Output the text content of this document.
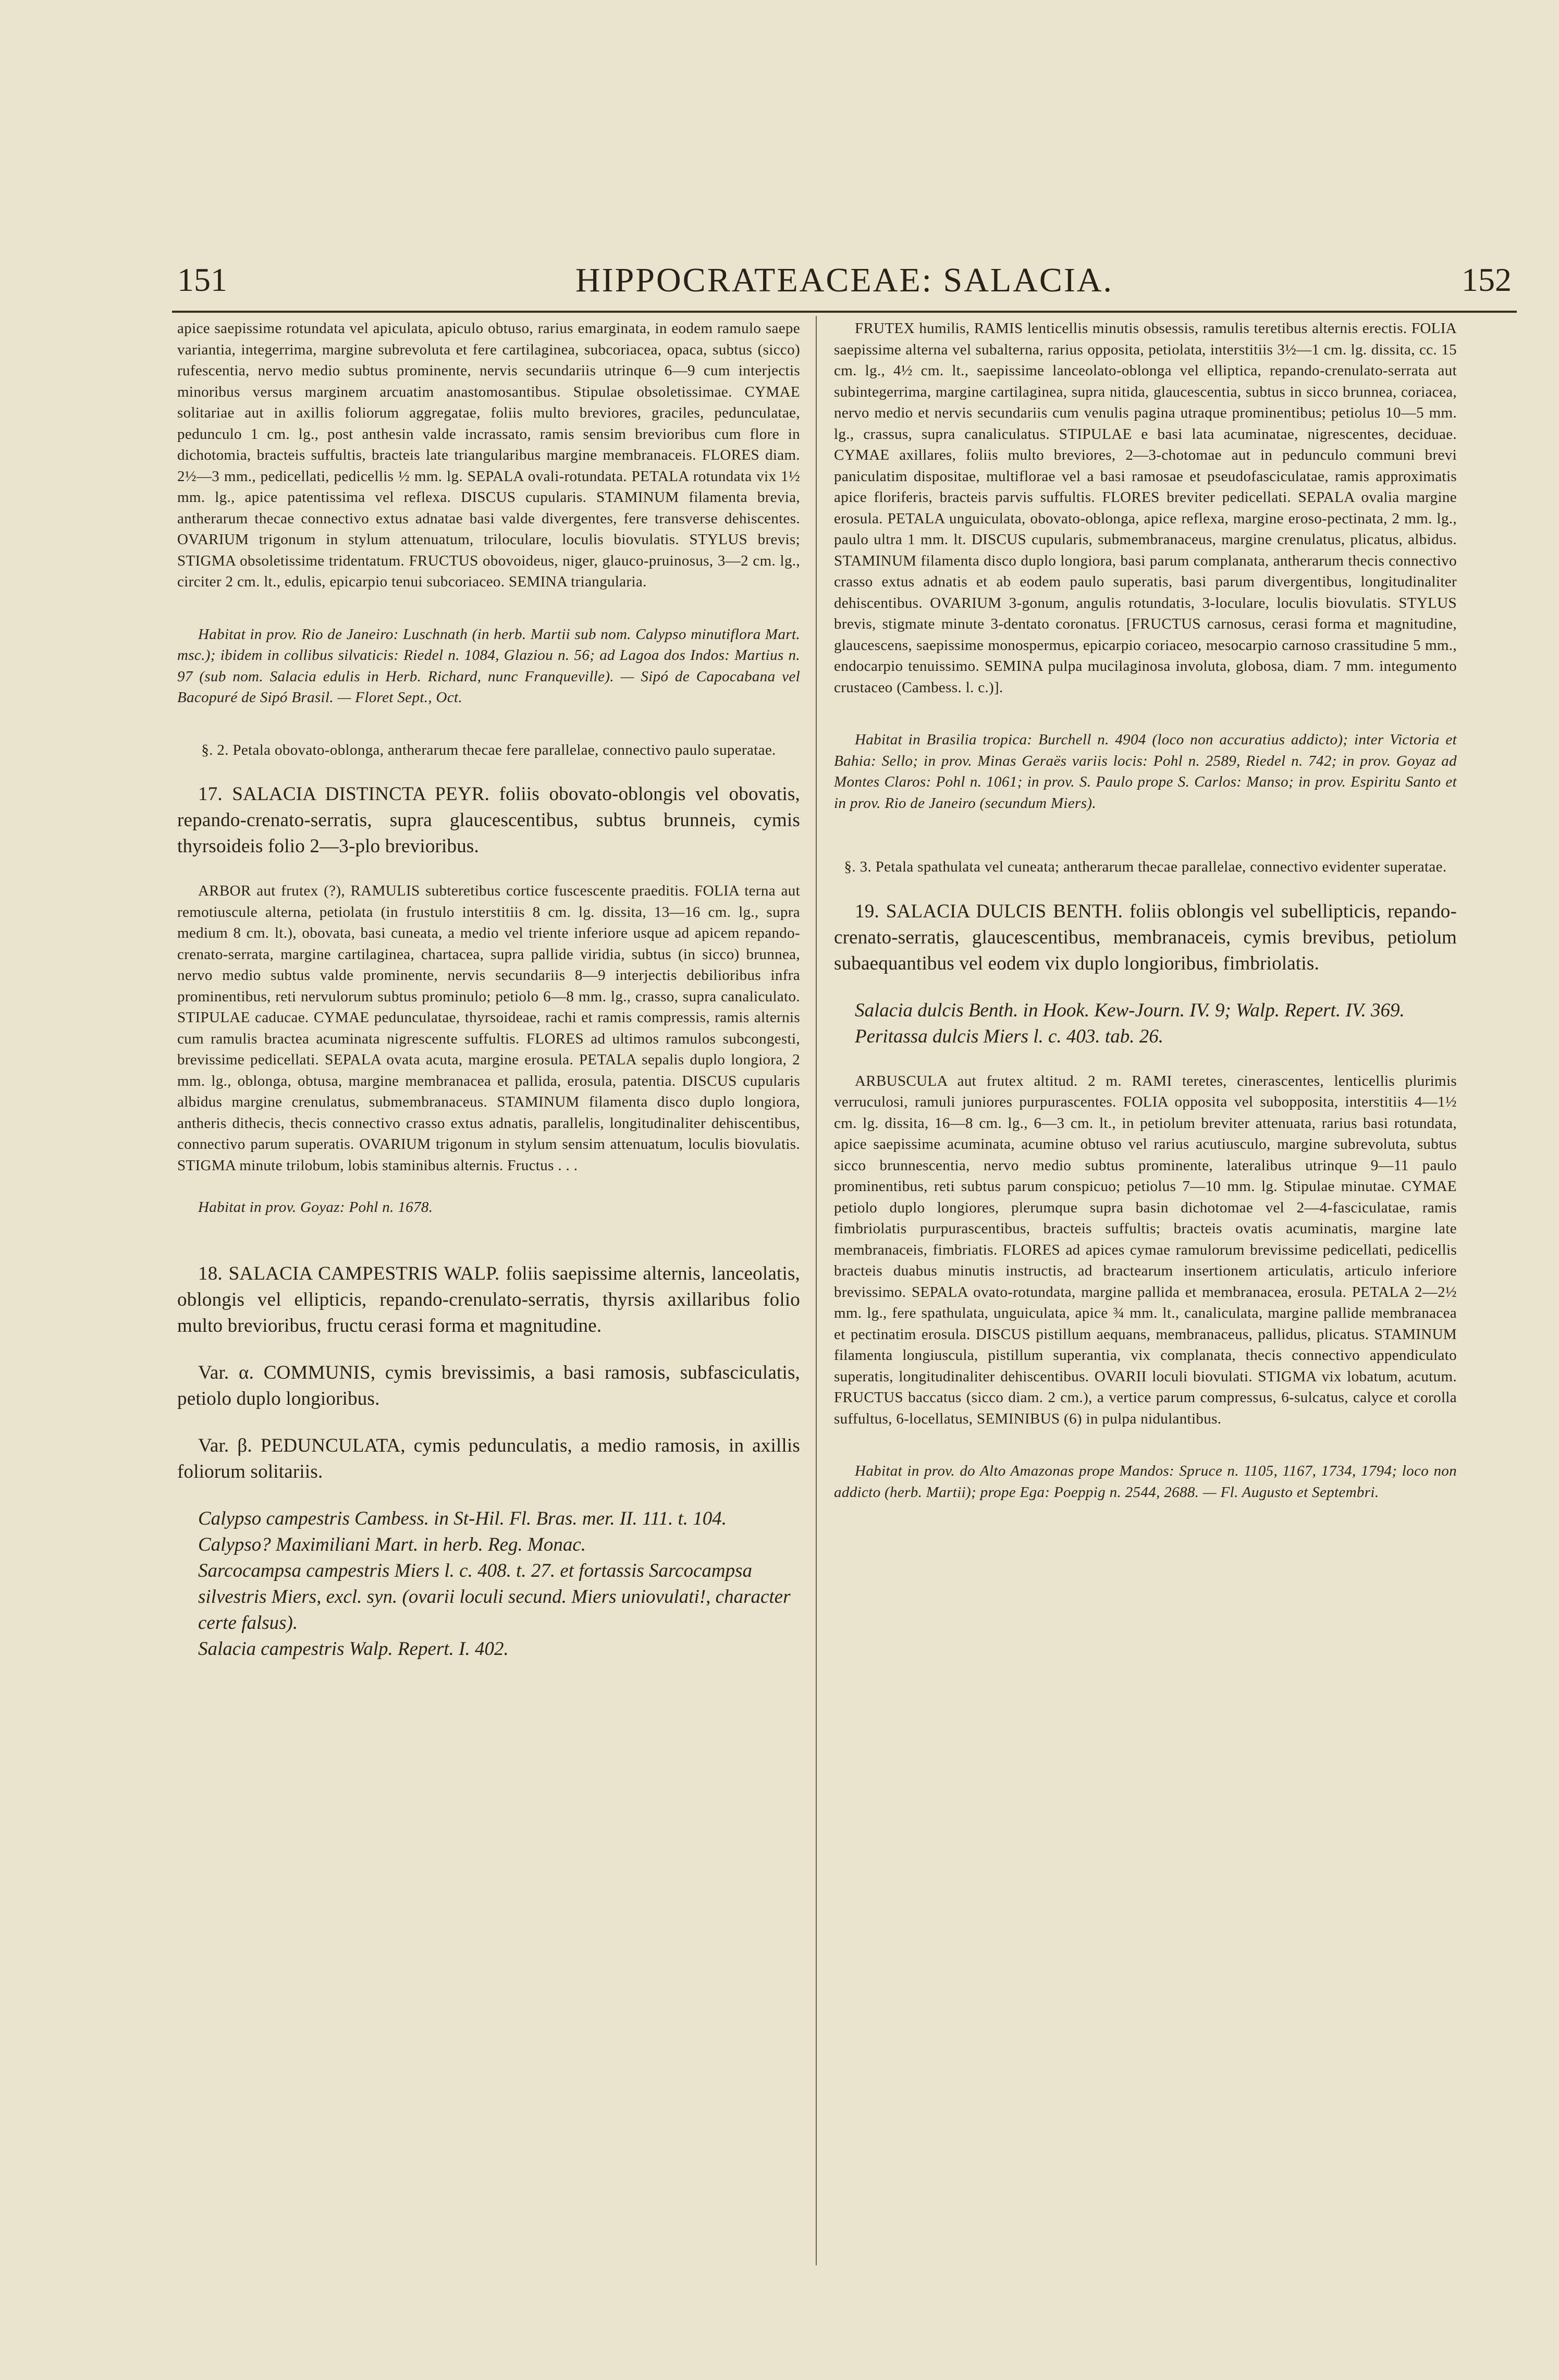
151	HIPPOCRATEACEAE: SALACIA.	152

apice saepissime rotundata vel apiculata, apiculo obtuso, rarius emarginata, in eodem ramulo saepe variantia, integerrima, margine subrevoluta et fere cartilaginea, subcoriacea, opaca, subtus (sicco) rufescentia, nervo medio subtus prominente, nervis secundariis utrinque 6—9 cum interjectis minoribus versus marginem arcuatim anastomosantibus. Stipulae obsoletissimae. CYMAE solitariae aut in axillis foliorum aggregatae, foliis multo breviores, graciles, pedunculatae, pedunculo 1 cm. lg., post anthesin valde incrassato, ramis sensim brevioribus cum flore in dichotomia, bracteis suffultis, bracteis late triangularibus margine membranaceis. FLORES diam. 2½—3 mm., pedicellati, pedicellis ½ mm. lg. SEPALA ovali-rotundata. PETALA rotundata vix 1½ mm. lg., apice patentissima vel reflexa. DISCUS cupularis. STAMINUM filamenta brevia, antherarum thecae connectivo extus adnatae basi valde divergentes, fere transverse dehiscentes. OVARIUM trigonum in stylum attenuatum, triloculare, loculis biovulatis. STYLUS brevis; STIGMA obsoletissime tridentatum. FRUCTUS obovoideus, niger, glauco-pruinosus, 3—2 cm. lg., circiter 2 cm. lt., edulis, epicarpio tenui subcoriaceo. SEMINA triangularia.

Habitat in prov. Rio de Janeiro: Luschnath (in herb. Martii sub nom. Calypso minutiflora Mart. msc.); ibidem in collibus silvaticis: Riedel n. 1084, Glaziou n. 56; ad Lagoa dos Indos: Martius n. 97 (sub nom. Salacia edulis in Herb. Richard, nunc Franqueville). — Sipó de Capocabana vel Bacopuré de Sipó Brasil. — Floret Sept., Oct.

§. 2. Petala obovato-oblonga, antherarum thecae fere parallelae, connectivo paulo superatae.

17. SALACIA DISTINCTA PEYR. foliis obovato-oblongis vel obovatis, repando-crenato-serratis, supra glaucescentibus, subtus brunneis, cymis thyrsoideis folio 2—3-plo brevioribus.

ARBOR aut frutex (?), RAMULIS subteretibus cortice fuscescente praeditis. FOLIA terna aut remotiuscule alterna, petiolata (in frustulo interstitiis 8 cm. lg. dissita, 13—16 cm. lg., supra medium 8 cm. lt.), obovata, basi cuneata, a medio vel triente inferiore usque ad apicem repando-crenato-serrata, margine cartilaginea, chartacea, supra pallide viridia, subtus (in sicco) brunnea, nervo medio subtus valde prominente, nervis secundariis 8—9 interjectis debilioribus infra prominentibus, reti nervulorum subtus prominulo; petiolo 6—8 mm. lg., crasso, supra canaliculato. STIPULAE caducae. CYMAE pedunculatae, thyrsoideae, rachi et ramis compressis, ramis alternis cum ramulis bractea acuminata nigrescente suffultis. FLORES ad ultimos ramulos subcongesti, brevissime pedicellati. SEPALA ovata acuta, margine erosula. PETALA sepalis duplo longiora, 2 mm. lg., oblonga, obtusa, margine membranacea et pallida, erosula, patentia. DISCUS cupularis albidus margine crenulatus, submembranaceus. STAMINUM filamenta disco duplo longiora, antheris dithecis, thecis connectivo crasso extus adnatis, parallelis, longitudinaliter dehiscentibus, connectivo parum superatis. OVARIUM trigonum in stylum sensim attenuatum, loculis biovulatis. STIGMA minute trilobum, lobis staminibus alternis. Fructus . . .

Habitat in prov. Goyaz: Pohl n. 1678.

18. SALACIA CAMPESTRIS WALP. foliis saepissime alternis, lanceolatis, oblongis vel ellipticis, repando-crenulato-serratis, thyrsis axillaribus folio multo brevioribus, fructu cerasi forma et magnitudine.

Var. α. COMMUNIS, cymis brevissimis, a basi ramosis, subfasciculatis, petiolo duplo longioribus.

Var. β. PEDUNCULATA, cymis pedunculatis, a medio ramosis, in axillis foliorum solitariis.

Calypso campestris Cambess. in St-Hil. Fl. Bras. mer. II. 111. t. 104.

Calypso? Maximiliani Mart. in herb. Reg. Monac.

Sarcocampsa campestris Miers l. c. 408. t. 27. et fortassis Sarcocampsa silvestris Miers, excl. syn. (ovarii loculi secund. Miers uniovulati!, character certe falsus).

Salacia campestris Walp. Repert. I. 402.

FRUTEX humilis, RAMIS lenticellis minutis obsessis, ramulis teretibus alternis erectis. FOLIA saepissime alterna vel subalterna, rarius opposita, petiolata, interstitiis 3½—1 cm. lg. dissita, cc. 15 cm. lg., 4½ cm. lt., saepissime lanceolato-oblonga vel elliptica, repando-crenulato-serrata aut subintegerrima, margine cartilaginea, supra nitida, glaucescentia, subtus in sicco brunnea, coriacea, nervo medio et nervis secundariis cum venulis pagina utraque prominentibus; petiolus 10—5 mm. lg., crassus, supra canaliculatus. STIPULAE e basi lata acuminatae, nigrescentes, deciduae. CYMAE axillares, foliis multo breviores, 2—3-chotomae aut in pedunculo communi brevi paniculatim dispositae, multiflorae vel a basi ramosae et pseudofasciculatae, ramis approximatis apice floriferis, bracteis parvis suffultis. FLORES breviter pedicellati. SEPALA ovalia margine erosula. PETALA unguiculata, obovato-oblonga, apice reflexa, margine eroso-pectinata, 2 mm. lg., paulo ultra 1 mm. lt. DISCUS cupularis, submembranaceus, margine crenulatus, plicatus, albidus. STAMINUM filamenta disco duplo longiora, basi parum complanata, antherarum thecis connectivo crasso extus adnatis et ab eodem paulo superatis, basi parum divergentibus, longitudinaliter dehiscentibus. OVARIUM 3-gonum, angulis rotundatis, 3-loculare, loculis biovulatis. STYLUS brevis, stigmate minute 3-dentato coronatus. [FRUCTUS carnosus, cerasi forma et magnitudine, glaucescens, saepissime monospermus, epicarpio coriaceo, mesocarpio carnoso crassitudine 5 mm., endocarpio tenuissimo. SEMINA pulpa mucilaginosa involuta, globosa, diam. 7 mm. integumento crustaceo (Cambess. l. c.)].

Habitat in Brasilia tropica: Burchell n. 4904 (loco non accuratius addicto); inter Victoria et Bahia: Sello; in prov. Minas Geraës variis locis: Pohl n. 2589, Riedel n. 742; in prov. Goyaz ad Montes Claros: Pohl n. 1061; in prov. S. Paulo prope S. Carlos: Manso; in prov. Espiritu Santo et in prov. Rio de Janeiro (secundum Miers).

§. 3. Petala spathulata vel cuneata; antherarum thecae parallelae, connectivo evidenter superatae.

19. SALACIA DULCIS BENTH. foliis oblongis vel subellipticis, repando-crenato-serratis, glaucescentibus, membranaceis, cymis brevibus, petiolum subaequantibus vel eodem vix duplo longioribus, fimbriolatis.

Salacia dulcis Benth. in Hook. Kew-Journ. IV. 9; Walp. Repert. IV. 369.

Peritassa dulcis Miers l. c. 403. tab. 26.

ARBUSCULA aut frutex altitud. 2 m. RAMI teretes, cinerascentes, lenticellis plurimis verruculosi, ramuli juniores purpurascentes. FOLIA opposita vel subopposita, interstitiis 4—1½ cm. lg. dissita, 16—8 cm. lg., 6—3 cm. lt., in petiolum breviter attenuata, rarius basi rotundata, apice saepissime acuminata, acumine obtuso vel rarius acutiusculo, margine subrevoluta, subtus sicco brunnescentia, nervo medio subtus prominente, lateralibus utrinque 9—11 paulo prominentibus, reti subtus parum conspicuo; petiolus 7—10 mm. lg. Stipulae minutae. CYMAE petiolo duplo longiores, plerumque supra basin dichotomae vel 2—4-fasciculatae, ramis fimbriolatis purpurascentibus, bracteis suffultis; bracteis ovatis acuminatis, margine late membranaceis, fimbriatis. FLORES ad apices cymae ramulorum brevissime pedicellati, pedicellis bracteis duabus minutis instructis, ad bractearum insertionem articulatis, articulo inferiore brevissimo. SEPALA ovato-rotundata, margine pallida et membranacea, erosula. PETALA 2—2½ mm. lg., fere spathulata, unguiculata, apice ¾ mm. lt., canaliculata, margine pallide membranacea et pectinatim erosula. DISCUS pistillum aequans, membranaceus, pallidus, plicatus. STAMINUM filamenta longiuscula, pistillum superantia, vix complanata, thecis connectivo appendiculato superatis, longitudinaliter dehiscentibus. OVARII loculi biovulati. STIGMA vix lobatum, acutum. FRUCTUS baccatus (sicco diam. 2 cm.), a vertice parum compressus, 6-sulcatus, calyce et corolla suffultus, 6-locellatus, SEMINIBUS (6) in pulpa nidulantibus.

Habitat in prov. do Alto Amazonas prope Mandos: Spruce n. 1105, 1167, 1734, 1794; loco non addicto (herb. Martii); prope Ega: Poeppig n. 2544, 2688. — Fl. Augusto et Septembri.
